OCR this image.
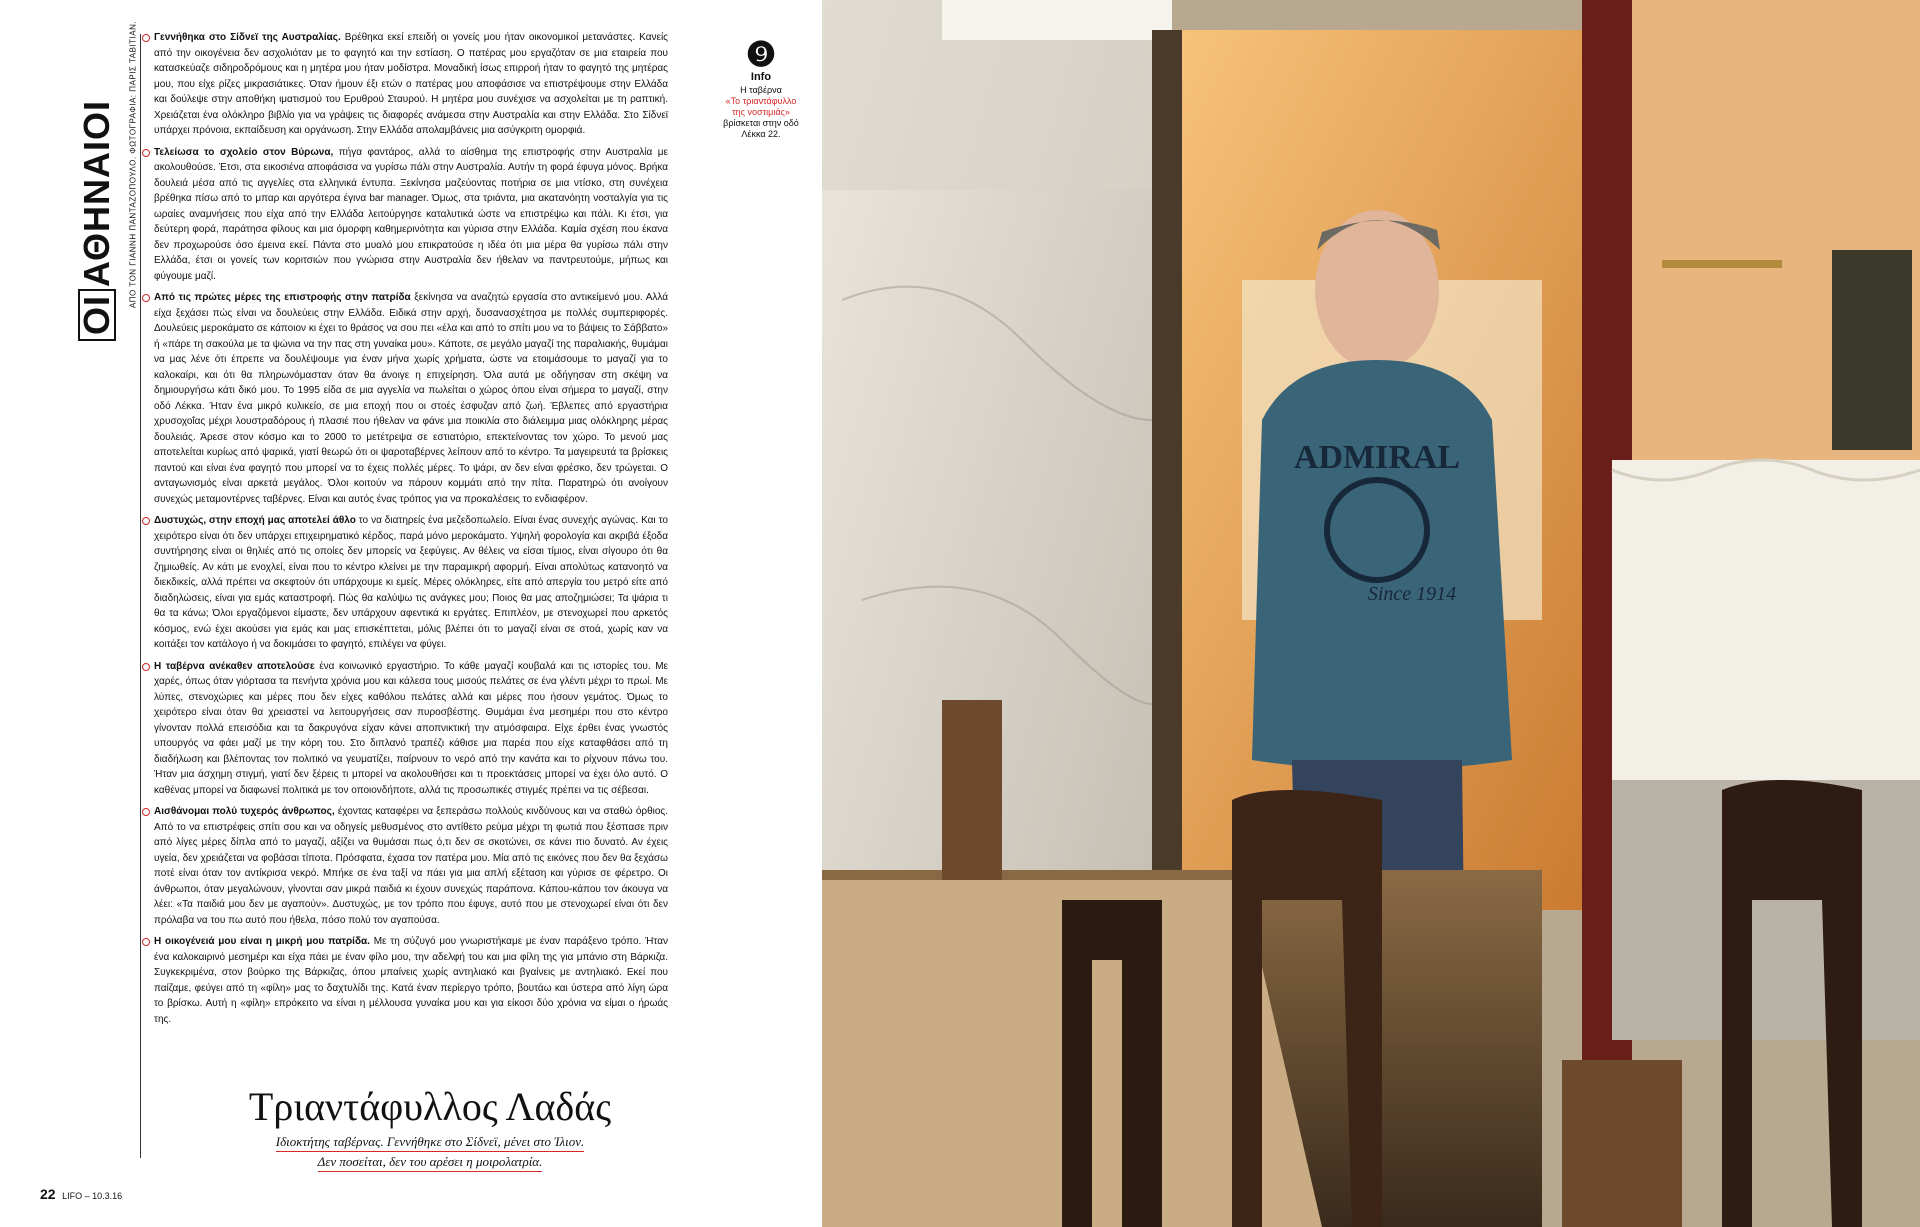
ΟΙ
ΑΘΗΝΑΙΟΙ ΑΠΟ ΤΟΝ ΓΙΑΝΝΗ ΠΑΝΤΑΖΟΠΟΥΛΟ. ΦΩΤΟΓΡΑΦΙΑ: ΠΑΡΙΣ ΤΑΒΙΤΙΑΝ.	Γεννήθηκα στο Σίδνεϊ της Αυστραλίας. Βρέθηκα εκεί επειδή οι γονείς μου ήταν οικονομικοί μετανάστες. Κανείς από την οικογένεια δεν ασχολιόταν με το φαγητό και την εστίαση. Ο πατέρας μου εργαζόταν σε μια εταιρεία που κατασκεύαζε σιδηροδρόμους και η μητέρα μου ήταν μοδίστρα. Μοναδική ίσως επιρροή ήταν το φαγητό της μητέρας μου, που είχε ρίζες μικρασιάτικες. Όταν ήμουν έξι ετών ο πατέρας μου αποφάσισε να επιστρέψουμε στην Ελλάδα και δούλεψε στην αποθήκη ιματισμού του Ερυθρού Σταυρού. Η μητέρα μου συνέχισε να ασχολείται με τη ραπτική. Χρειάζεται ένα ολόκληρο βιβλίο για να γράψεις τις διαφορές ανάμεσα στην Αυστραλία και στην Ελλάδα. Στο Σίδνεϊ υπάρχει πρόνοια, εκπαίδευση και οργάνωση. Στην Ελλάδα απολαμβάνεις μια ασύγκριτη ομορφιά.

Τελείωσα το σχολείο στον Βύρωνα, πήγα φαντάρος, αλλά το αίσθημα της επιστροφής στην Αυστραλία με ακολουθούσε. Έτσι, στα εικοσιένα αποφάσισα να γυρίσω πάλι στην Αυστραλία. Αυτήν τη φορά έφυγα μόνος. Βρήκα δουλειά μέσα από τις αγγελίες στα ελληνικά έντυπα. Ξεκίνησα μαζεύοντας ποτήρια σε μια ντίσκο, στη συνέχεια βρέθηκα πίσω από το μπαρ και αργότερα έγινα bar manager. Όμως, στα τριάντα, μια ακατανόητη νοσταλγία για τις ωραίες αναμνήσεις που είχα από την Ελλάδα λειτούργησε καταλυτικά ώστε να επιστρέψω και πάλι. Κι έτσι, για δεύτερη φορά, παράτησα φίλους και μια όμορφη καθημερινότητα και γύρισα στην Ελλάδα. Καμία σχέση που έκανα δεν προχωρούσε όσο έμεινα εκεί. Πάντα στο μυαλό μου επικρατούσε η ιδέα ότι μια μέρα θα γυρίσω πάλι στην Ελλάδα, έτσι οι γονείς των κοριτσιών που γνώρισα στην Αυστραλία δεν ήθελαν να παντρευτούμε, μήπως και φύγουμε μαζί.

Από τις πρώτες μέρες της επιστροφής στην πατρίδα ξεκίνησα να αναζητώ εργασία στο αντικείμενό μου. Αλλά είχα ξεχάσει πώς είναι να δουλεύεις στην Ελλάδα. Ειδικά στην αρχή, δυσανασχέτησα με πολλές συμπεριφορές. Δουλεύεις μεροκάματο σε κάποιον κι έχει το θράσος να σου πει «έλα και από το σπίτι μου να το βάψεις το Σάββατο» ή «πάρε τη σακούλα με τα ψώνια να την πας στη γυναίκα μου». Κάποτε, σε μεγάλο μαγαζί της παραλιακής, θυμάμαι να μας λένε ότι έπρεπε να δουλέψουμε για έναν μήνα χωρίς χρήματα, ώστε να ετοιμάσουμε το μαγαζί για το καλοκαίρι, και ότι θα πληρωνόμασταν όταν θα άνοιγε η επιχείρηση. Όλα αυτά με οδήγησαν στη σκέψη να δημιουργήσω κάτι δικό μου. Το 1995 είδα σε μια αγγελία να πωλείται ο χώρος όπου είναι σήμερα το μαγαζί, στην οδό Λέκκα. Ήταν ένα μικρό κυλικείο, σε μια εποχή που οι στοές έσφυζαν από ζωή. Έβλεπες από εργαστήρια χρυσοχοΐας μέχρι λουστραδόρους ή πλασιέ που ήθελαν να φάνε μια ποικιλία στο διάλειμμα μιας ολόκληρης μέρας δουλειάς. Άρεσε στον κόσμο και το 2000 το μετέτρεψα σε εστιατόριο, επεκτείνοντας τον χώρο. Το μενού μας αποτελείται κυρίως από ψαρικά, γιατί θεωρώ ότι οι ψαροταβέρνες λείπουν από το κέντρο. Τα μαγειρευτά τα βρίσκεις παντού και είναι ένα φαγητό που μπορεί να το έχεις πολλές μέρες. Το ψάρι, αν δεν είναι φρέσκο, δεν τρώγεται. Ο ανταγωνισμός είναι αρκετά μεγάλος. Όλοι κοιτούν να πάρουν κομμάτι από την πίτα. Παρατηρώ ότι ανοίγουν συνεχώς μεταμοντέρνες ταβέρνες. Είναι και αυτός ένας τρόπος για να προκαλέσεις το ενδιαφέρον.

Δυστυχώς, στην εποχή μας αποτελεί άθλο το να διατηρείς ένα μεζεδοπωλείο. Είναι ένας συνεχής αγώνας. Και το χειρότερο είναι ότι δεν υπάρχει επιχειρηματικό κέρδος, παρά μόνο μεροκάματο. Υψηλή φορολογία και ακριβά έξοδα συντήρησης είναι οι θηλιές από τις οποίες δεν μπορείς να ξεφύγεις. Αν θέλεις να είσαι τίμιος, είναι σίγουρο ότι θα ζημιωθείς. Αν κάτι με ενοχλεί, είναι που το κέντρο κλείνει με την παραμικρή αφορμή. Είναι απολύτως κατανοητό να διεκδικείς, αλλά πρέπει να σκεφτούν ότι υπάρχουμε κι εμείς. Μέρες ολόκληρες, είτε από απεργία του μετρό είτε από διαδηλώσεις, είναι για εμάς καταστροφή. Πώς θα καλύψω τις ανάγκες μου; Ποιος θα μας αποζημιώσει; Τα ψάρια τι θα τα κάνω; Όλοι εργαζόμενοι είμαστε, δεν υπάρχουν αφεντικά κι εργάτες. Επιπλέον, με στενοχωρεί που αρκετός κόσμος, ενώ έχει ακούσει για εμάς και μας επισκέπτεται, μόλις βλέπει ότι το μαγαζί είναι σε στοά, χωρίς καν να κοιτάξει τον κατάλογο ή να δοκιμάσει το φαγητό, επιλέγει να φύγει.

Η ταβέρνα ανέκαθεν αποτελούσε ένα κοινωνικό εργαστήριο. Το κάθε μαγαζί κουβαλά και τις ιστορίες του. Με χαρές, όπως όταν γιόρτασα τα πενήντα χρόνια μου και κάλεσα τους μισούς πελάτες σε ένα γλέντι μέχρι το πρωί. Με λύπες, στενοχώριες και μέρες που δεν είχες καθόλου πελάτες αλλά και μέρες που ήσουν γεμάτος. Όμως το χειρότερο είναι όταν θα χρειαστεί να λειτουργήσεις σαν πυροσβέστης. Θυμάμαι ένα μεσημέρι που στο κέντρο γίνονταν πολλά επεισόδια και τα δακρυγόνα είχαν κάνει αποπνικτική την ατμόσφαιρα. Είχε έρθει ένας γνωστός υπουργός να φάει μαζί με την κόρη του. Στο διπλανό τραπέζι κάθισε μια παρέα που είχε καταφθάσει από τη διαδήλωση και βλέποντας τον πολιτικό να γευματίζει, παίρνουν το νερό από την κανάτα και το ρίχνουν πάνω του. Ήταν μια άσχημη στιγμή, γιατί δεν ξέρεις τι μπορεί να ακολουθήσει και τι προεκτάσεις μπορεί να έχει όλο αυτό. Ο καθένας μπορεί να διαφωνεί πολιτικά με τον οποιονδήποτε, αλλά τις προσωπικές στιγμές πρέπει να τις σέβεσαι.

Αισθάνομαι πολύ τυχερός άνθρωπος, έχοντας καταφέρει να ξεπεράσω πολλούς κινδύνους και να σταθώ όρθιος. Από το να επιστρέφεις σπίτι σου και να οδηγείς μεθυσμένος στο αντίθετο ρεύμα μέχρι τη φωτιά που ξέσπασε πριν από λίγες μέρες δίπλα από το μαγαζί, αξίζει να θυμάσαι πως ό,τι δεν σε σκοτώνει, σε κάνει πιο δυνατό. Αν έχεις υγεία, δεν χρειάζεται να φοβάσαι τίποτα. Πρόσφατα, έχασα τον πατέρα μου. Μία από τις εικόνες που δεν θα ξεχάσω ποτέ είναι όταν τον αντίκρισα νεκρό. Μπήκε σε ένα ταξί να πάει για μια απλή εξέταση και γύρισε σε φέρετρο. Οι άνθρωποι, όταν μεγαλώνουν, γίνονται σαν μικρά παιδιά κι έχουν συνεχώς παράπονα. Κάπου-κάπου τον άκουγα να λέει: «Τα παιδιά μου δεν με αγαπούν». Δυστυχώς, με τον τρόπο που έφυγε, αυτό που με στενοχωρεί είναι ότι δεν πρόλαβα να του πω αυτό που ήθελα, πόσο πολύ τον αγαπούσα.

Η οικογένειά μου είναι η μικρή μου πατρίδα. Με τη σύζυγό μου γνωριστήκαμε με έναν παράξενο τρόπο. Ήταν ένα καλοκαιρινό μεσημέρι και είχα πάει με έναν φίλο μου, την αδελφή του και μια φίλη της για μπάνιο στη Βάρκιζα. Συγκεκριμένα, στον βούρκο της Βάρκιζας, όπου μπαίνεις χωρίς αντηλιακό και βγαίνεις με αντηλιακό. Εκεί που παίζαμε, φεύγει από τη «φίλη» μας το δαχτυλίδι της. Κατά έναν περίεργο τρόπο, βουτάω και ύστερα από λίγη ώρα το βρίσκω. Αυτή η «φίλη» επρόκειτο να είναι η μέλλουσα γυναίκα μου και για είκοσι δύο χρόνια να είμαι ο ήρωάς της.

❾
Info
Η ταβέρνα
«Το τριαντάφυλλο της νοστιμιάς»
βρίσκεται στην οδό Λέκκα 22.
Τριαντάφυλλος Λαδάς
Ιδιοκτήτης ταβέρνας. Γεννήθηκε στο Σίδνεϊ, μένει στο Ίλιον.
Δεν ποσείται, δεν του αρέσει η μοιρολατρία.
22 LIFO – 10.3.16
ADMIRAL
Since 1914
